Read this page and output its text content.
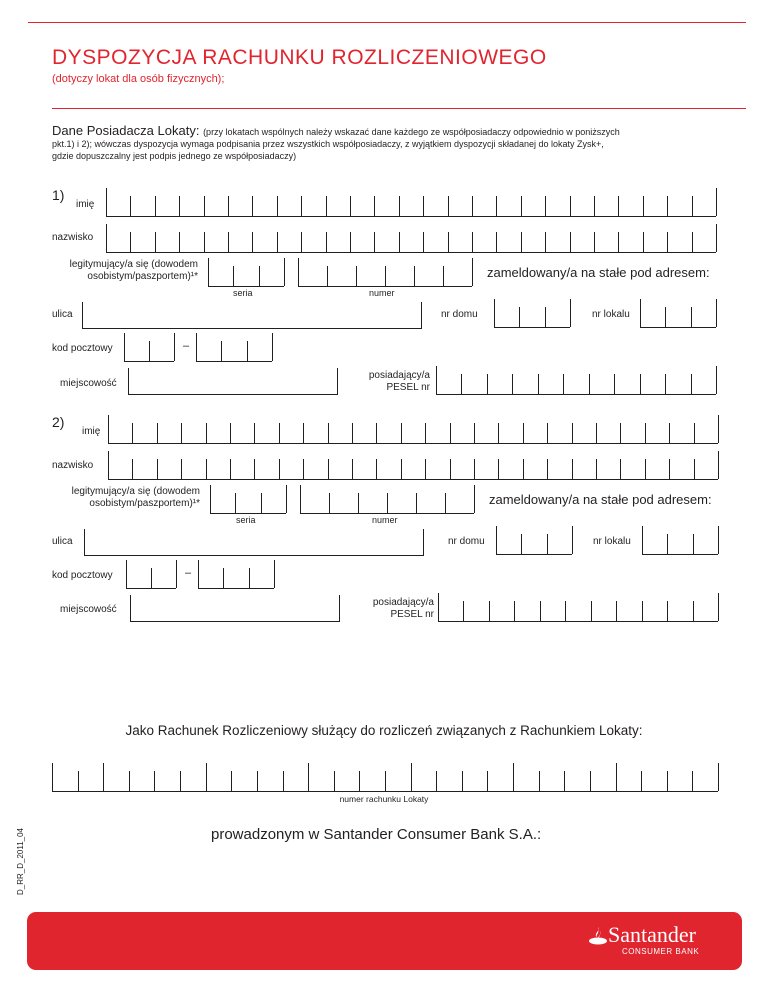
DYSPOZYCJA RACHUNKU ROZLICZENIOWEGO
(dotyczy lokat dla osób fizycznych);
Dane Posiadacza Lokaty: (przy lokatach wspólnych należy wskazać dane każdego ze współposiadaczy odpowiednio w poniższych
pkt.1) i 2); wówczas dyspozycja wymaga podpisania przez wszystkich współposiadaczy, z wyjątkiem dyspozycji składanej do lokaty Zysk+,
gdzie dopuszczalny jest podpis jednego ze współposiadaczy)
1)
imię
nazwisko
legitymujący/a się (dowodem
osobistym/paszportem)¹*
seria	numer
zameldowany/a na stałe pod adresem:
ulica	nr domu	nr lokalu
kod pocztowy	–
miejscowość
posiadający/a
PESEL nr
2)
imię
nazwisko
legitymujący/a się (dowodem
osobistym/paszportem)¹*
seria	numer
zameldowany/a na stałe pod adresem:
ulica	nr domu	nr lokalu
kod pocztowy	–
miejscowość
posiadający/a
PESEL nr
Jako Rachunek Rozliczeniowy służący do rozliczeń związanych z Rachunkiem Lokaty:
numer rachunku Lokaty
prowadzonym w Santander Consumer Bank S.A.:
D_RR_D_2011_04
Santander
CONSUMER BANK
